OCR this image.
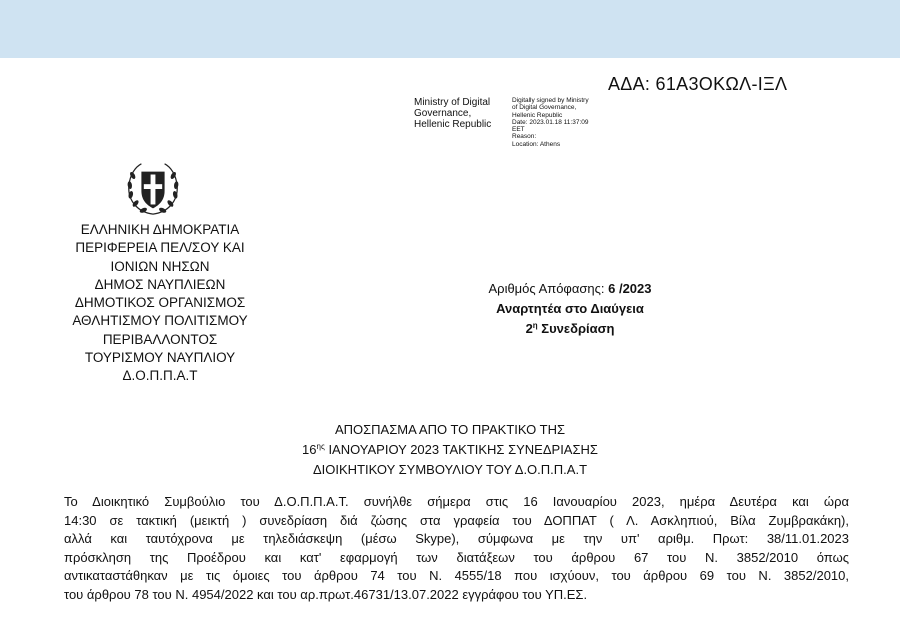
ΑΔΑ: 61Α3ΟΚΩΛ-ΙΞΛ
Ministry of Digital
Governance,
Hellenic Republic
Digitally signed by Ministry
of Digital Governance,
Hellenic Republic
Date: 2023.01.18 11:37:09
EET
Reason:
Location: Athens
ΕΛΛΗΝΙΚΗ ΔΗΜΟΚΡΑΤΙΑ
ΠΕΡΙΦΕΡΕΙΑ ΠΕΛ/ΣΟΥ ΚΑΙ
ΙΟΝΙΩΝ ΝΗΣΩΝ
ΔΗΜΟΣ ΝΑΥΠΛΙΕΩΝ
ΔΗΜΟΤΙΚΟΣ ΟΡΓΑΝΙΣΜΟΣ
ΑΘΛΗΤΙΣΜΟΥ ΠΟΛΙΤΙΣΜΟΥ
ΠΕΡΙΒΑΛΛΟΝΤΟΣ
ΤΟΥΡΙΣΜΟΥ ΝΑΥΠΛΙΟΥ
Δ.Ο.Π.Π.Α.Τ
Αριθμός Απόφασης: 6 /2023
Αναρτητέα στο Διαύγεια
$2^\eta$ Συνεδρίαση
ΑΠΟΣΠΑΣΜΑ ΑΠΟ ΤΟ ΠΡΑΚΤΙΚΟ ΤΗΣ
$16^{\eta\varsigma}$ ΙΑΝΟΥΑΡΙΟΥ 2023 ΤΑΚΤΙΚΗΣ ΣΥΝΕΔΡΙΑΣΗΣ
ΔΙΟΙΚΗΤΙΚΟΥ ΣΥΜΒΟΥΛΙΟΥ ΤΟΥ Δ.Ο.Π.Π.Α.Τ
Το Διοικητικό Συμβούλιο του Δ.Ο.Π.Π.Α.Τ. συνήλθε σήμερα στις 16 Ιανουαρίου 2023, ημέρα Δευτέρα και ώρα
14:30 σε τακτική (μεικτή ) συνεδρίαση διά ζώσης στα γραφεία του ΔΟΠΠΑΤ ( Λ. Ασκληπιού, Βίλα Ζυμβρακάκη),
αλλά και ταυτόχρονα με τηλεδιάσκεψη (μέσω Skype), σύμφωνα με την υπ' αριθμ. Πρωτ: 38/11.01.2023
πρόσκληση της Προέδρου και κατ' εφαρμογή των διατάξεων του άρθρου 67 του Ν. 3852/2010 όπως
αντικαταστάθηκαν με τις όμοιες του άρθρου 74 του Ν. 4555/18 που ισχύουν, του άρθρου 69 του Ν. 3852/2010,
του άρθρου 78 του Ν. 4954/2022 και του αρ.πρωτ.46731/13.07.2022 εγγράφου του ΥΠ.ΕΣ.
